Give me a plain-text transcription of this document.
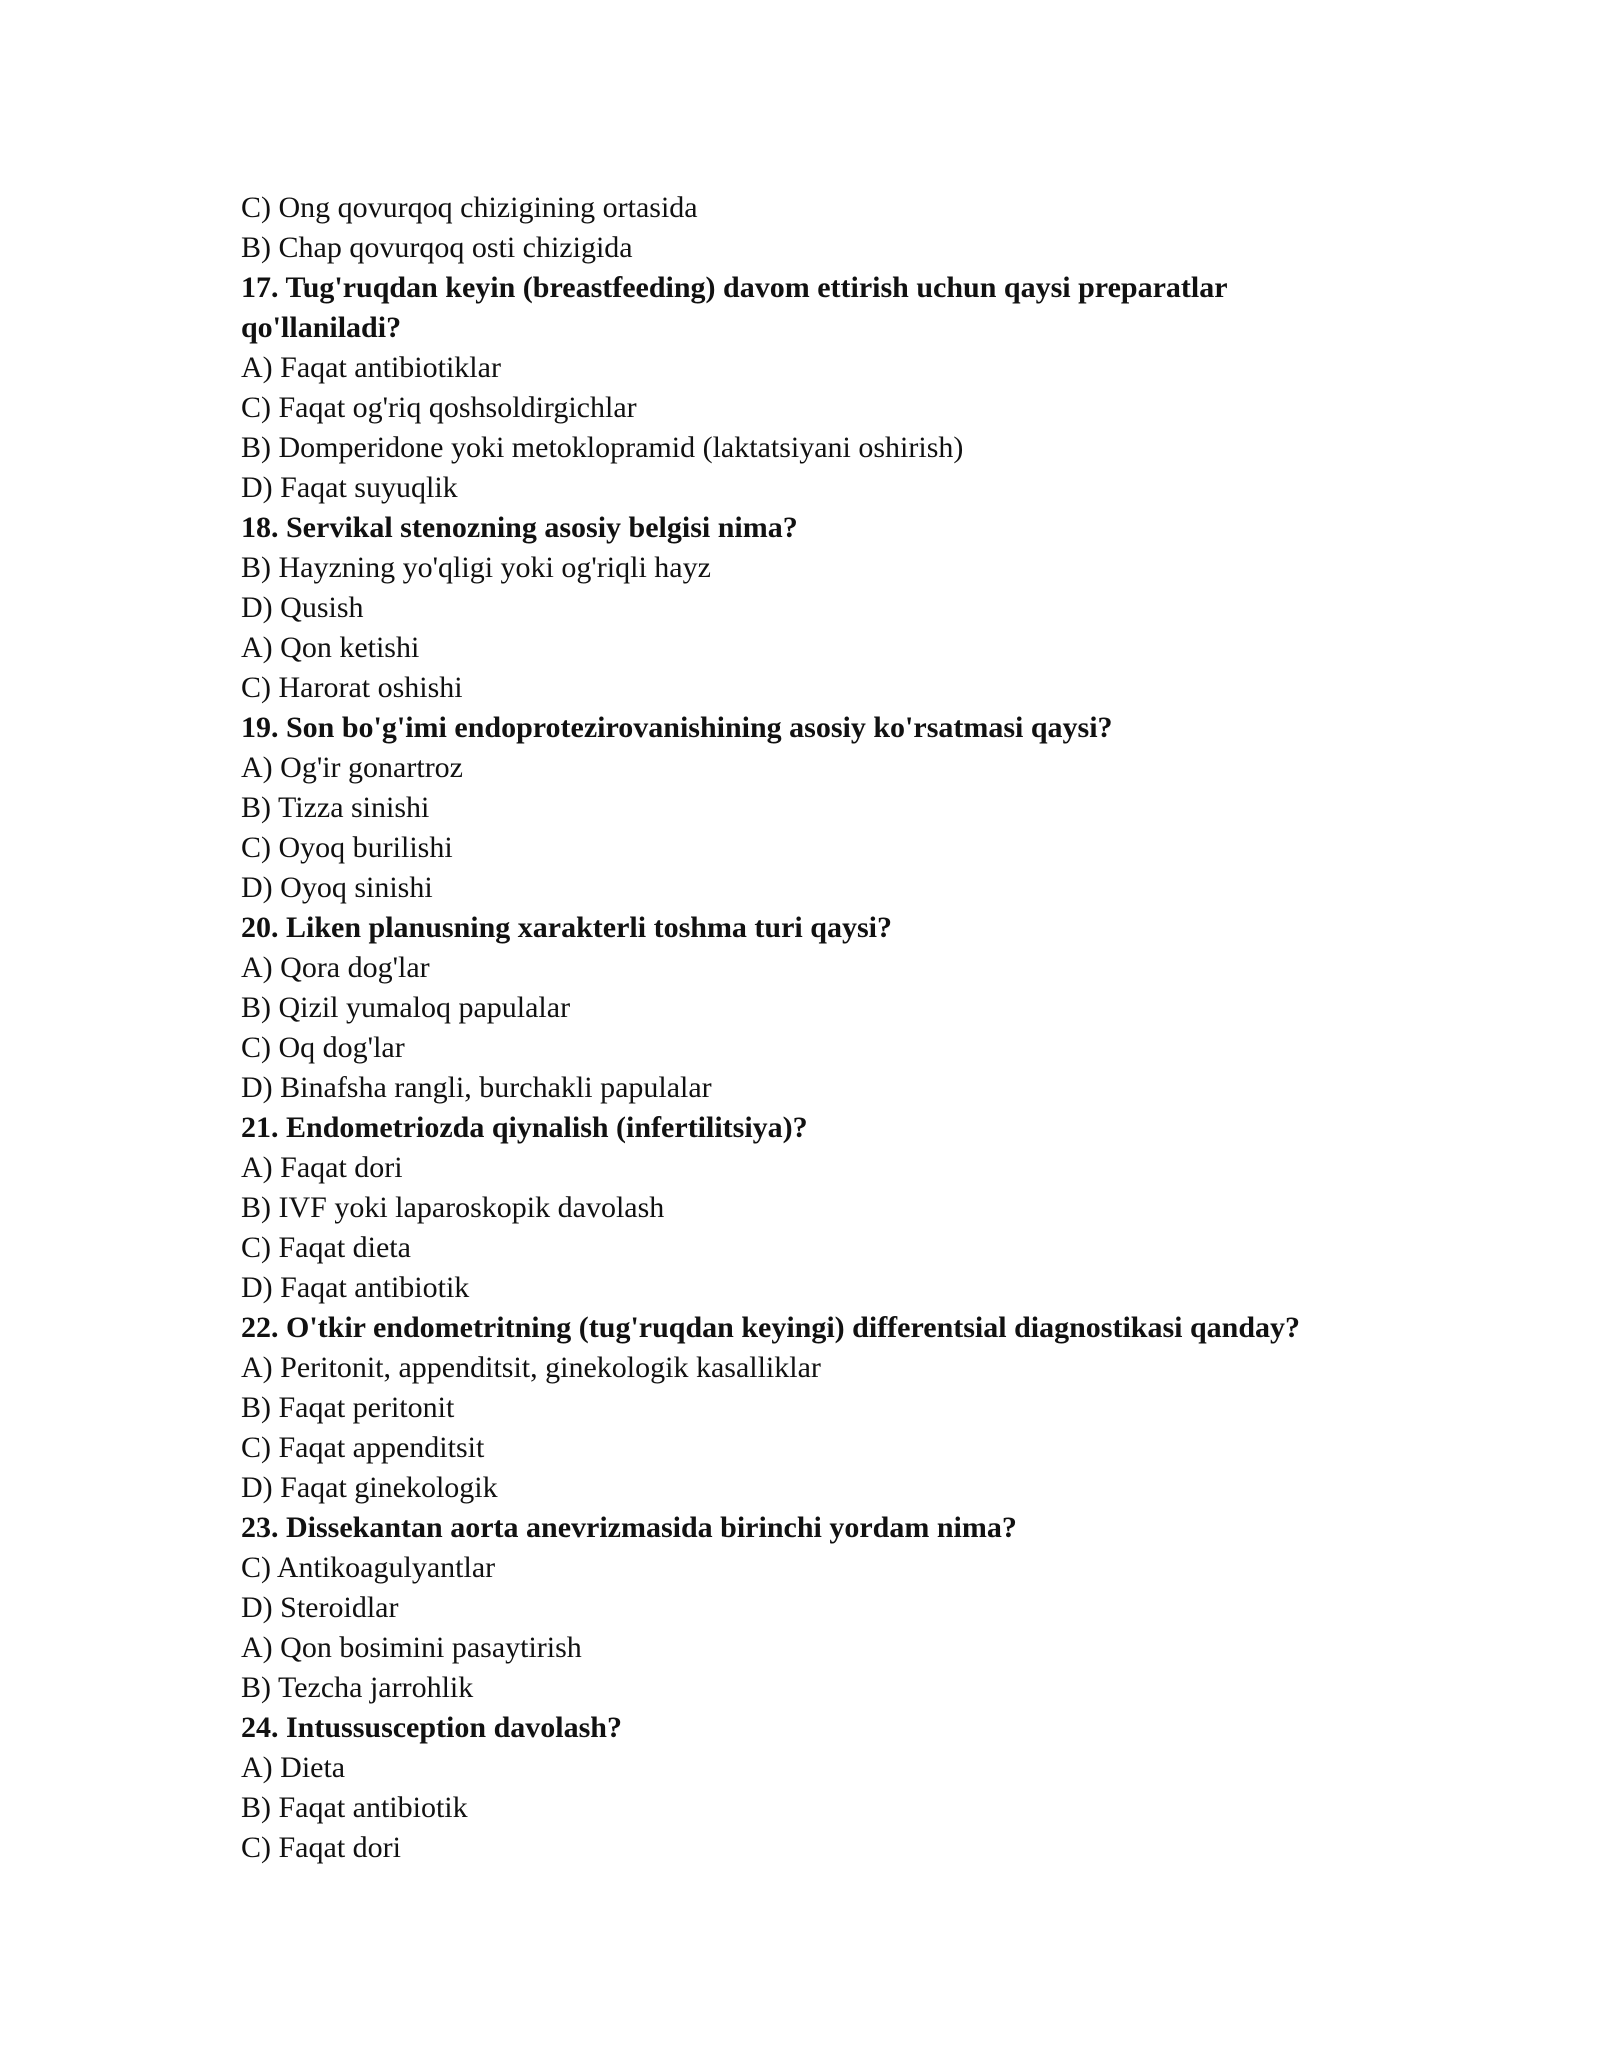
C) Ong qovurqoq chizigining ortasida

B) Chap qovurqoq osti chizigida

17. Tug'ruqdan keyin (breastfeeding) davom ettirish uchun qaysi preparatlar qo'llaniladi?

A) Faqat antibiotiklar

C) Faqat og'riq qoshsoldirgichlar

B) Domperidone yoki metoklopramid (laktatsiyani oshirish)

D) Faqat suyuqlik

18. Servikal stenozning asosiy belgisi nima?

B) Hayzning yo'qligi yoki og'riqli hayz

D) Qusish

A) Qon ketishi

C) Harorat oshishi

19. Son bo'g'imi endoprotezirovanishining asosiy ko'rsatmasi qaysi?

A) Og'ir gonartroz

B) Tizza sinishi

C) Oyoq burilishi

D) Oyoq sinishi

20. Liken planusning xarakterli toshma turi qaysi?

A) Qora dog'lar

B) Qizil yumaloq papulalar

C) Oq dog'lar

D) Binafsha rangli, burchakli papulalar

21. Endometriozda qiynalish (infertilitsiya)?

A) Faqat dori

B) IVF yoki laparoskopik davolash

C) Faqat dieta

D) Faqat antibiotik

22. O'tkir endometritning (tug'ruqdan keyingi) differentsial diagnostikasi qanday?

A) Peritonit, appenditsit, ginekologik kasalliklar

B) Faqat peritonit

C) Faqat appenditsit

D) Faqat ginekologik

23. Dissekantan aorta anevrizmasida birinchi yordam nima?

C) Antikoagulyantlar

D) Steroidlar

A) Qon bosimini pasaytirish

B) Tezcha jarrohlik

24. Intussusception davolash?

A) Dieta

B) Faqat antibiotik

C) Faqat dori
